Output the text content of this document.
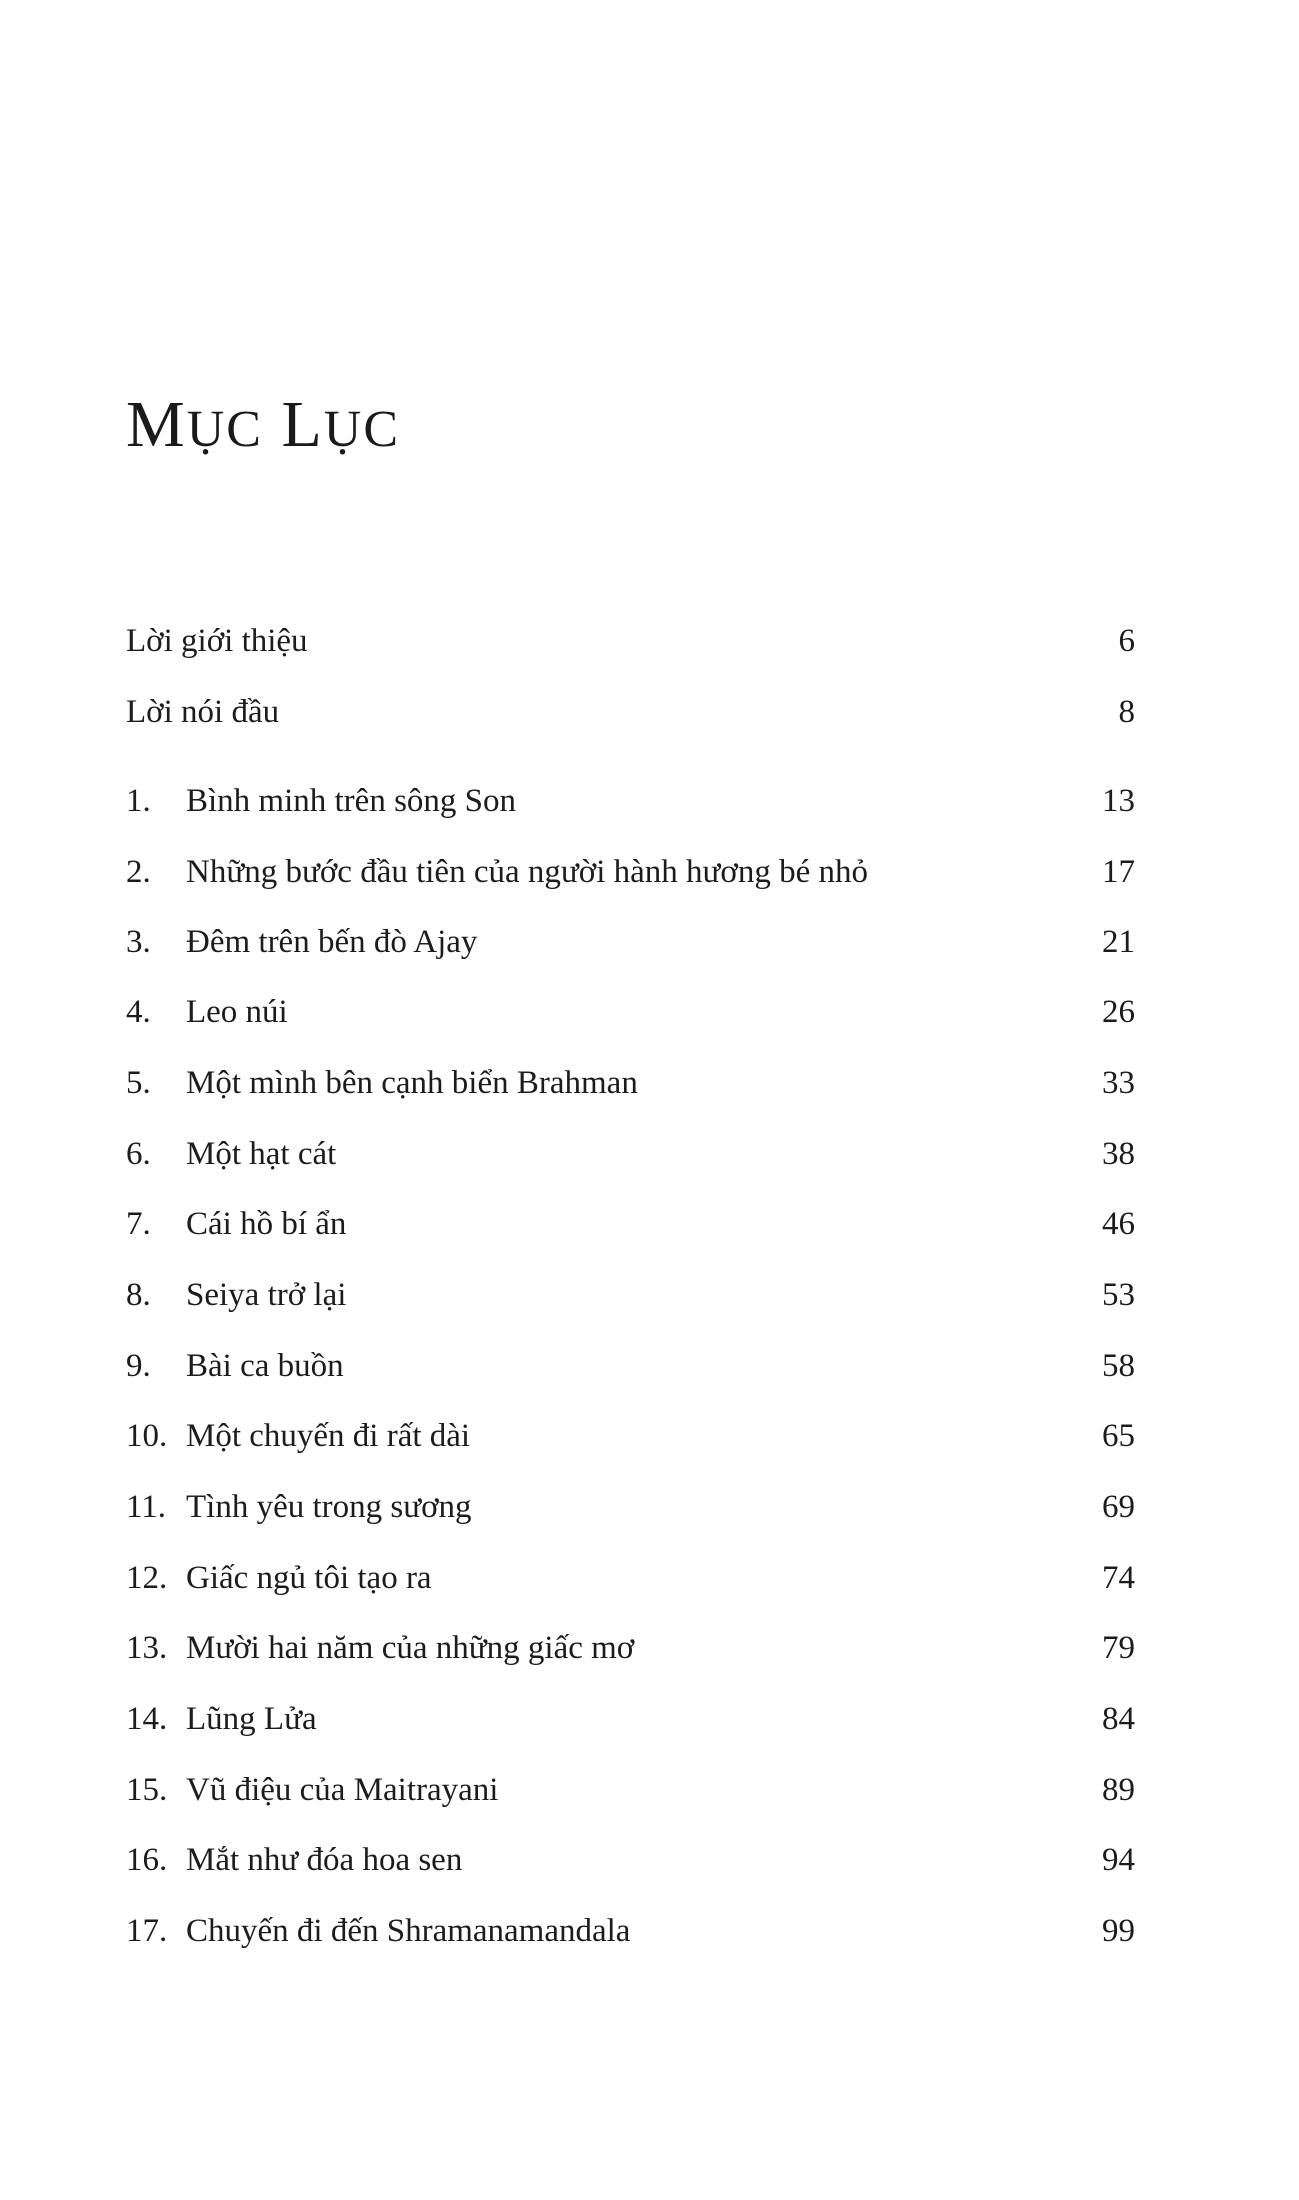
MỤC LỤC
Lời giới thiệu	6
Lời nói đầu	8
1. Bình minh trên sông Son	13
2. Những bước đầu tiên của người hành hương bé nhỏ	17
3. Đêm trên bến đò Ajay	21
4. Leo núi	26
5. Một mình bên cạnh biển Brahman	33
6. Một hạt cát	38
7. Cái hồ bí ẩn	46
8. Seiya trở lại	53
9. Bài ca buồn	58
10. Một chuyến đi rất dài	65
11. Tình yêu trong sương	69
12. Giấc ngủ tôi tạo ra	74
13. Mười hai năm của những giấc mơ	79
14. Lũng Lửa	84
15. Vũ điệu của Maitrayani	89
16. Mắt như đóa hoa sen	94
17. Chuyến đi đến Shramanamandala	99
